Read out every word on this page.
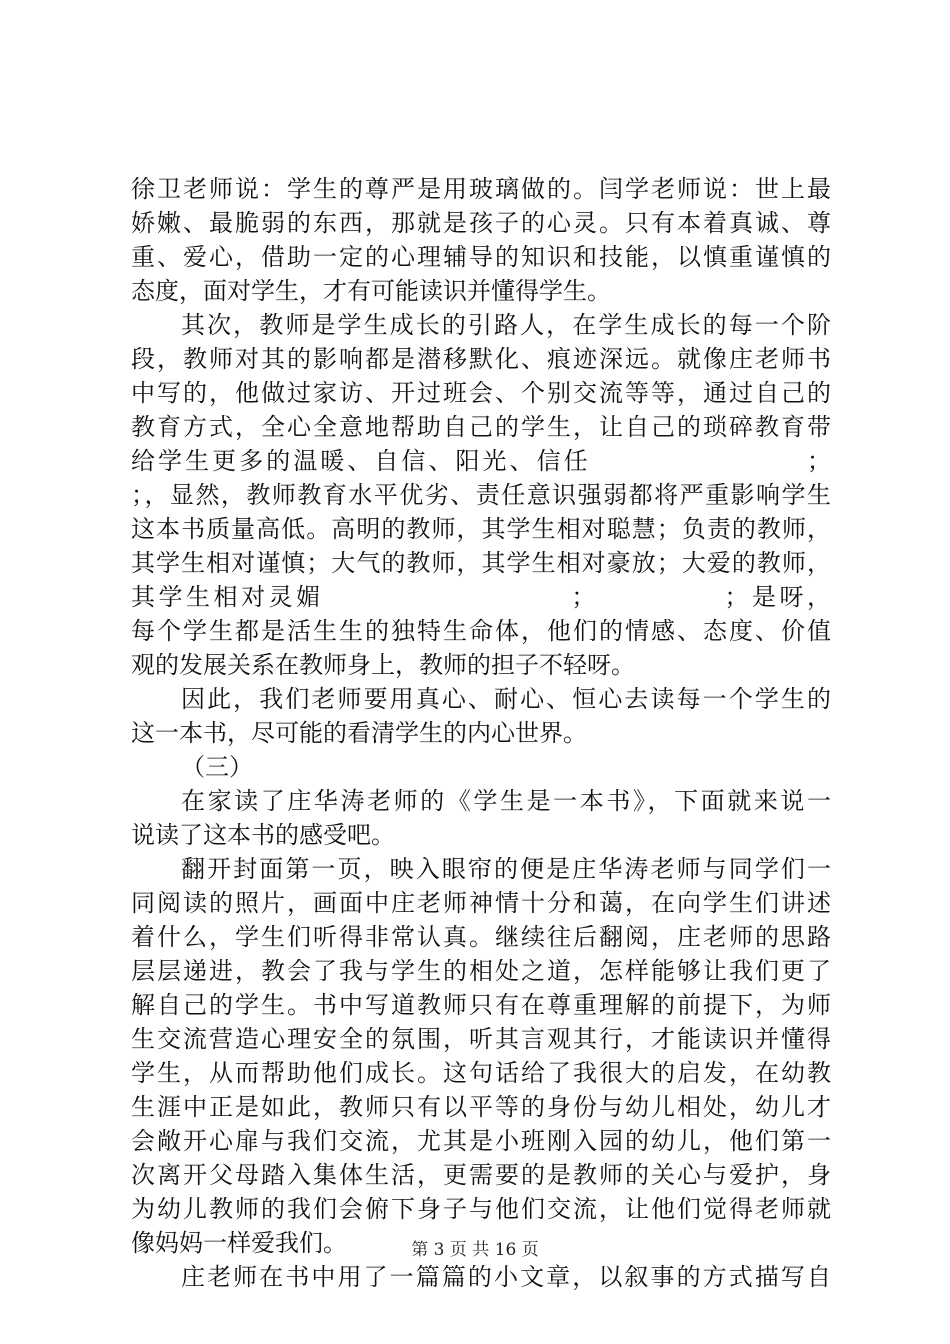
徐卫老师说：学生的尊严是用玻璃做的。闫学老师说：世上最
娇嫩、最脆弱的东西，那就是孩子的心灵。只有本着真诚、尊
重、爱心，借助一定的心理辅导的知识和技能，以慎重谨慎的
态度，面对学生，才有可能读识并懂得学生。
其次，教师是学生成长的引路人，在学生成长的每一个阶
段，教师对其的影响都是潜移默化、痕迹深远。就像庄老师书
中写的，他做过家访、开过班会、个别交流等等，通过自己的
教育方式，全心全意地帮助自己的学生，让自己的琐碎教育带
给学生更多的温暖、自信、阳光、信任　　　　　　　　；
；，显然，教师教育水平优劣、责任意识强弱都将严重影响学生
这本书质量高低。高明的教师，其学生相对聪慧；负责的教师，
其学生相对谨慎；大气的教师，其学生相对豪放；大爱的教师，
其学生相对灵媚　　　　　　　　　；　　　　　；是呀，
每个学生都是活生生的独特生命体，他们的情感、态度、价值
观的发展关系在教师身上，教师的担子不轻呀。
因此，我们老师要用真心、耐心、恒心去读每一个学生的
这一本书，尽可能的看清学生的内心世界。
（三）
在家读了庄华涛老师的《学生是一本书》，下面就来说一
说读了这本书的感受吧。
翻开封面第一页，映入眼帘的便是庄华涛老师与同学们一
同阅读的照片，画面中庄老师神情十分和蔼，在向学生们讲述
着什么，学生们听得非常认真。继续往后翻阅，庄老师的思路
层层递进，教会了我与学生的相处之道，怎样能够让我们更了
解自己的学生。书中写道教师只有在尊重理解的前提下，为师
生交流营造心理安全的氛围，听其言观其行，才能读识并懂得
学生，从而帮助他们成长。这句话给了我很大的启发，在幼教
生涯中正是如此，教师只有以平等的身份与幼儿相处，幼儿才
会敞开心扉与我们交流，尤其是小班刚入园的幼儿，他们第一
次离开父母踏入集体生活，更需要的是教师的关心与爱护，身
为幼儿教师的我们会俯下身子与他们交流，让他们觉得老师就
像妈妈一样爱我们。
庄老师在书中用了一篇篇的小文章，以叙事的方式描写自
第 3 页 共 16 页
